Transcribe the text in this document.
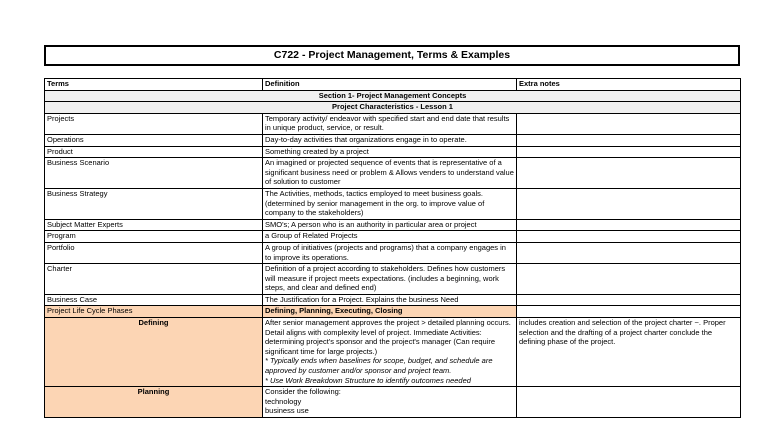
C722 - Project Management, Terms & Examples
Terms	Definition	Extra notes
Section 1- Project Management Concepts		
Project Characteristics - Lesson 1		
Projects	Temporary activity/ endeavor with specified start and end date that results in unique product, service, or result.	

Operations	Day-to-day activities that organizations engage in to operate.	

Product	Something created by a project	

Business Scenario	An imagined or projected sequence of events that is representative of a significant business need or problem & Allows venders to understand value of solution to customer	

Business Strategy	The Activities, methods, tactics employed to meet business goals. (determined by senior management in the org. to improve value of company to the stakeholders)	

Subject Matter Experts	SMO's; A person who is an authority in particular area or project	

Program	a Group of Related Projects	

Portfolio	A group of initiatives (projects and programs) that a company engages in to improve its operations.	

Charter	Definition of a project according to stakeholders. Defines how customers will measure if project meets expectations. (includes a beginning, work steps, and clear and defined end)	

Business Case	The Justification for a Project. Explains the business Need	

Project Life Cycle Phases	Defining, Planning, Executing, Closing	

Defining	After senior management approves the project > detailed planning occurs. Detail aligns with complexity level of project. Immediate Activities: determining project's sponsor and the project's manager (Can require significant time for large projects.)
* Typically ends when baselines for scope, budget, and schedule are approved by customer and/or sponsor and project team.
* Use Work Breakdown Structure to identify outcomes needed	includes creation and selection of the project charter ~. Proper selection and the drafting of a project charter conclude the defining phase of the project.
Planning	Consider the following:
technology
business use	
